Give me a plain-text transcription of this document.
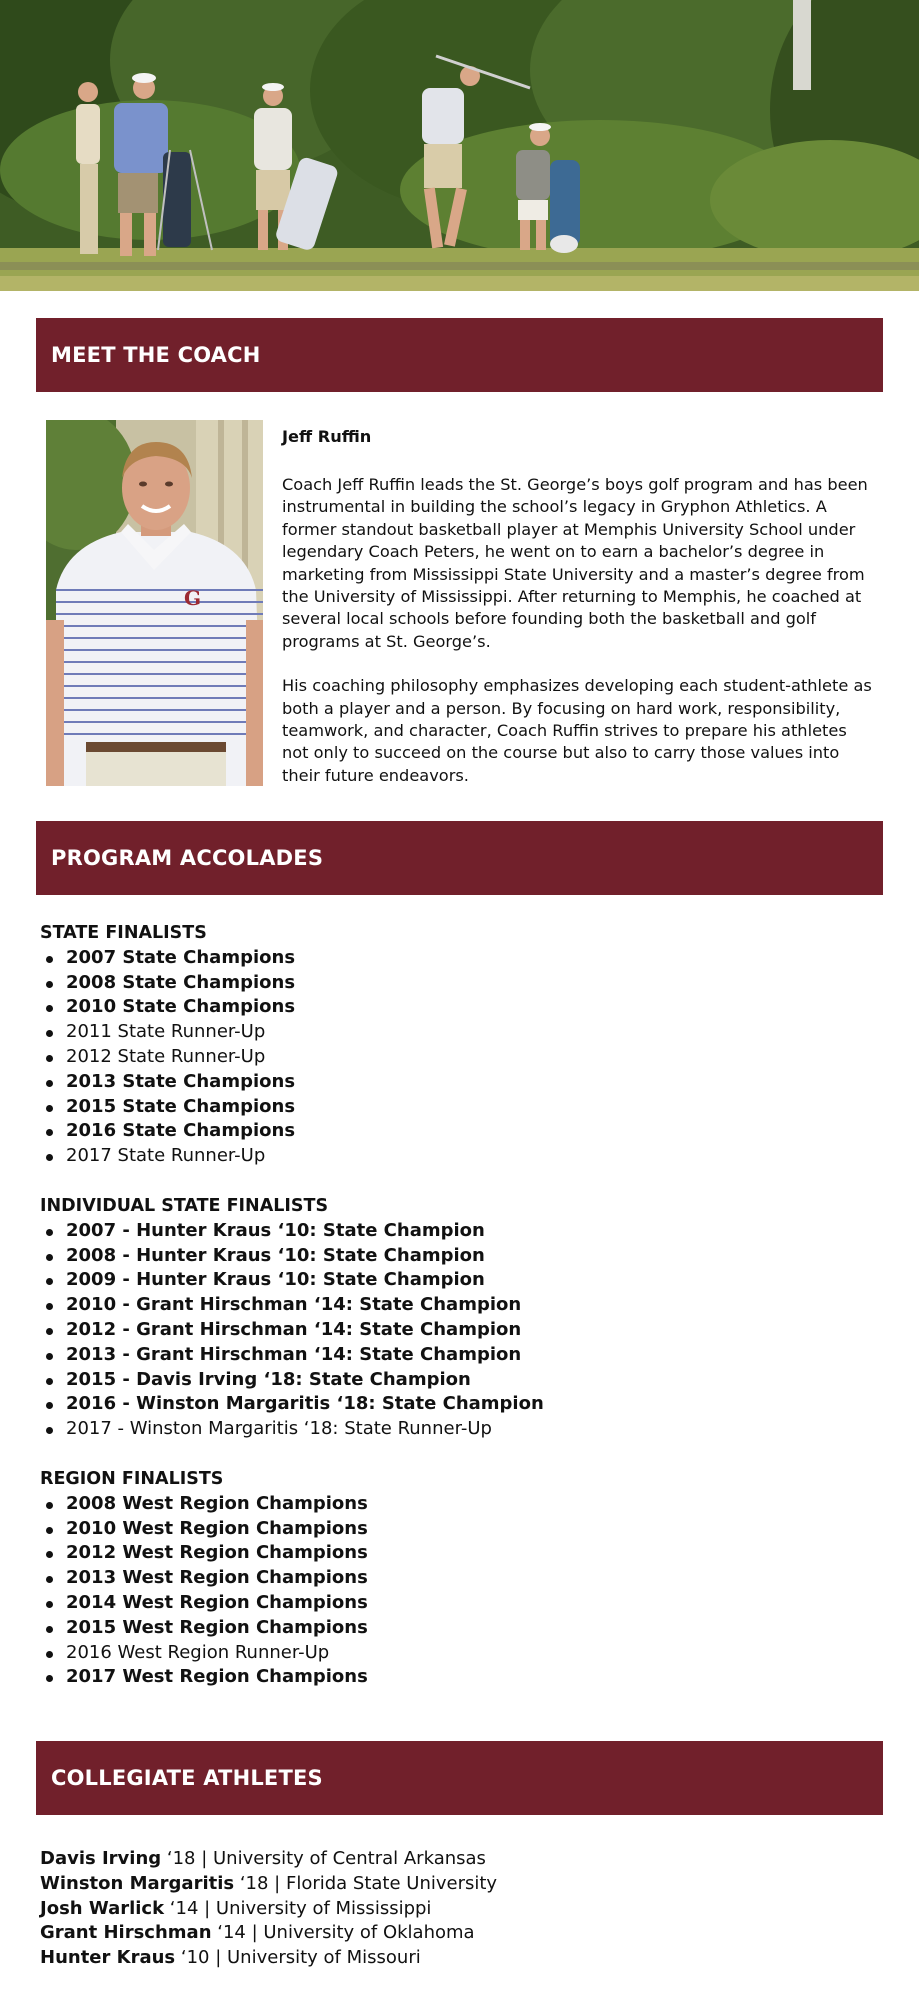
MEET THE COACH
G
Jeff Ruffin

Coach Jeff Ruffin leads the St. George’s boys golf program and has been instrumental in building the school’s legacy in Gryphon Athletics. A former standout basketball player at Memphis University School under legendary Coach Peters, he went on to earn a bachelor’s degree in marketing from Mississippi State University and a master’s degree from the University of Mississippi. After returning to Memphis, he coached at several local schools before founding both the basketball and golf programs at St. George’s.

His coaching philosophy emphasizes developing each student-athlete as both a player and a person. By focusing on hard work, responsibility, teamwork, and character, Coach Ruffin strives to prepare his athletes not only to succeed on the course but also to carry those values into their future endeavors.

PROGRAM ACCOLADES
STATE FINALISTS
2007 State Champions
2008 State Champions
2010 State Champions
2011 State Runner-Up
2012 State Runner-Up
2013 State Champions
2015 State Champions
2016 State Champions
2017 State Runner-Up
INDIVIDUAL STATE FINALISTS
2007 - Hunter Kraus ‘10: State Champion
2008 - Hunter Kraus ‘10: State Champion
2009 - Hunter Kraus ‘10: State Champion
2010 - Grant Hirschman ‘14: State Champion
2012 - Grant Hirschman ‘14: State Champion
2013 - Grant Hirschman ‘14: State Champion
2015 - Davis Irving ‘18: State Champion
2016 - Winston Margaritis ‘18: State Champion
2017 - Winston Margaritis ‘18: State Runner-Up
REGION FINALISTS
2008 West Region Champions
2010 West Region Champions
2012 West Region Champions
2013 West Region Champions
2014 West Region Champions
2015 West Region Champions
2016 West Region Runner-Up
2017 West Region Champions
COLLEGIATE ATHLETES
Davis Irving ‘18 | University of Central Arkansas
Winston Margaritis ‘18 | Florida State University
Josh Warlick ‘14 | University of Mississippi
Grant Hirschman ‘14 | University of Oklahoma
Hunter Kraus ‘10 | University of Missouri
